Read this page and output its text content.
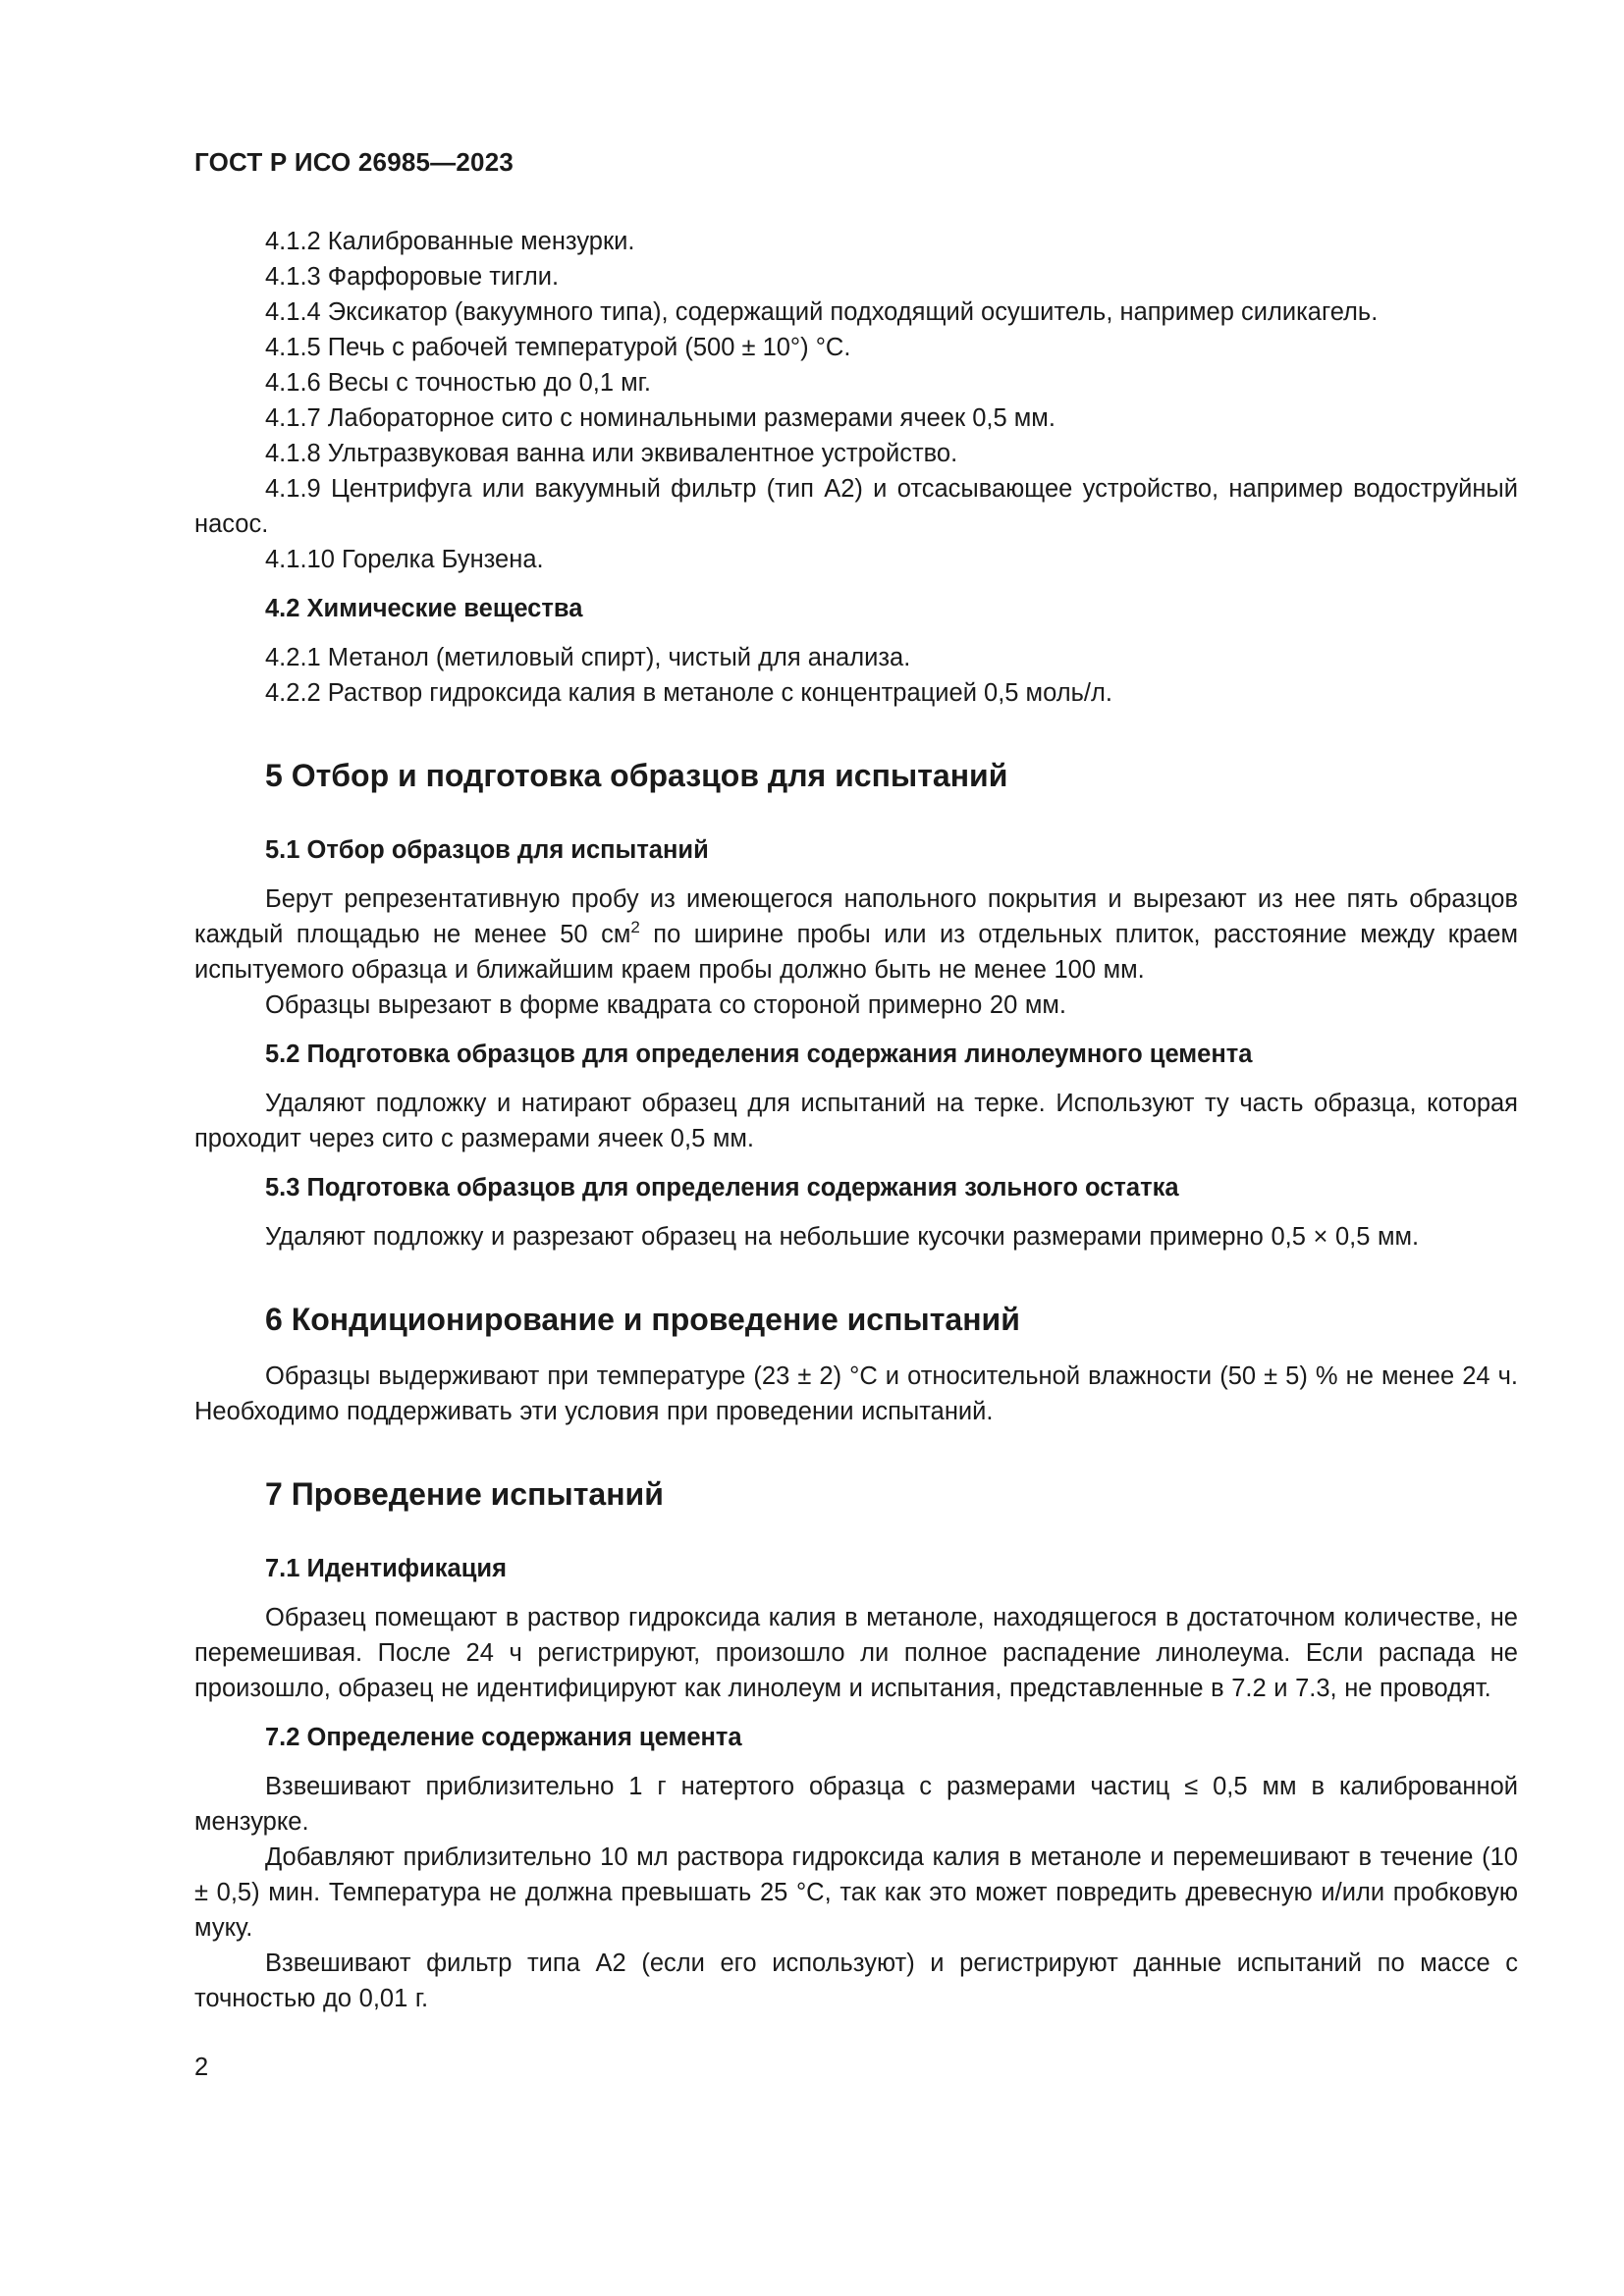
ГОСТ Р ИСО 26985—2023

4.1.2 Калиброванные мензурки.

4.1.3 Фарфоровые тигли.

4.1.4 Эксикатор (вакуумного типа), содержащий подходящий осушитель, например силикагель.

4.1.5 Печь с рабочей температурой (500 ± 10°) °С.

4.1.6 Весы с точностью до 0,1 мг.

4.1.7 Лабораторное сито с номинальными размерами ячеек 0,5 мм.

4.1.8 Ультразвуковая ванна или эквивалентное устройство.

4.1.9 Центрифуга или вакуумный фильтр (тип А2) и отсасывающее устройство, например водоструйный насос.

4.1.10 Горелка Бунзена.

4.2 Химические вещества

4.2.1 Метанол (метиловый спирт), чистый для анализа.

4.2.2 Раствор гидроксида калия в метаноле с концентрацией 0,5 моль/л.

5 Отбор и подготовка образцов для испытаний

5.1 Отбор образцов для испытаний

Берут репрезентативную пробу из имеющегося напольного покрытия и вырезают из нее пять образцов каждый площадью не менее 50 $см^2$ по ширине пробы или из отдельных плиток, расстояние между краем испытуемого образца и ближайшим краем пробы должно быть не менее 100 мм.

Образцы вырезают в форме квадрата со стороной примерно 20 мм.

5.2 Подготовка образцов для определения содержания линолеумного цемента

Удаляют подложку и натирают образец для испытаний на терке. Используют ту часть образца, которая проходит через сито с размерами ячеек 0,5 мм.

5.3 Подготовка образцов для определения содержания зольного остатка

Удаляют подложку и разрезают образец на небольшие кусочки размерами примерно 0,5 × 0,5 мм.

6 Кондиционирование и проведение испытаний

Образцы выдерживают при температуре (23 ± 2) °С и относительной влажности (50 ± 5) % не менее 24 ч. Необходимо поддерживать эти условия при проведении испытаний.

7 Проведение испытаний

7.1 Идентификация

Образец помещают в раствор гидроксида калия в метаноле, находящегося в достаточном количестве, не перемешивая. После 24 ч регистрируют, произошло ли полное распадение линолеума. Если распада не произошло, образец не идентифицируют как линолеум и испытания, представленные в 7.2 и 7.3, не проводят.

7.2 Определение содержания цемента

Взвешивают приблизительно 1 г натертого образца с размерами частиц ≤ 0,5 мм в калиброванной мензурке.

Добавляют приблизительно 10 мл раствора гидроксида калия в метаноле и перемешивают в течение (10 ± 0,5) мин. Температура не должна превышать 25 °С, так как это может повредить древесную и/или пробковую муку.

Взвешивают фильтр типа А2 (если его используют) и регистрируют данные испытаний по массе с точностью до 0,01 г.

2
